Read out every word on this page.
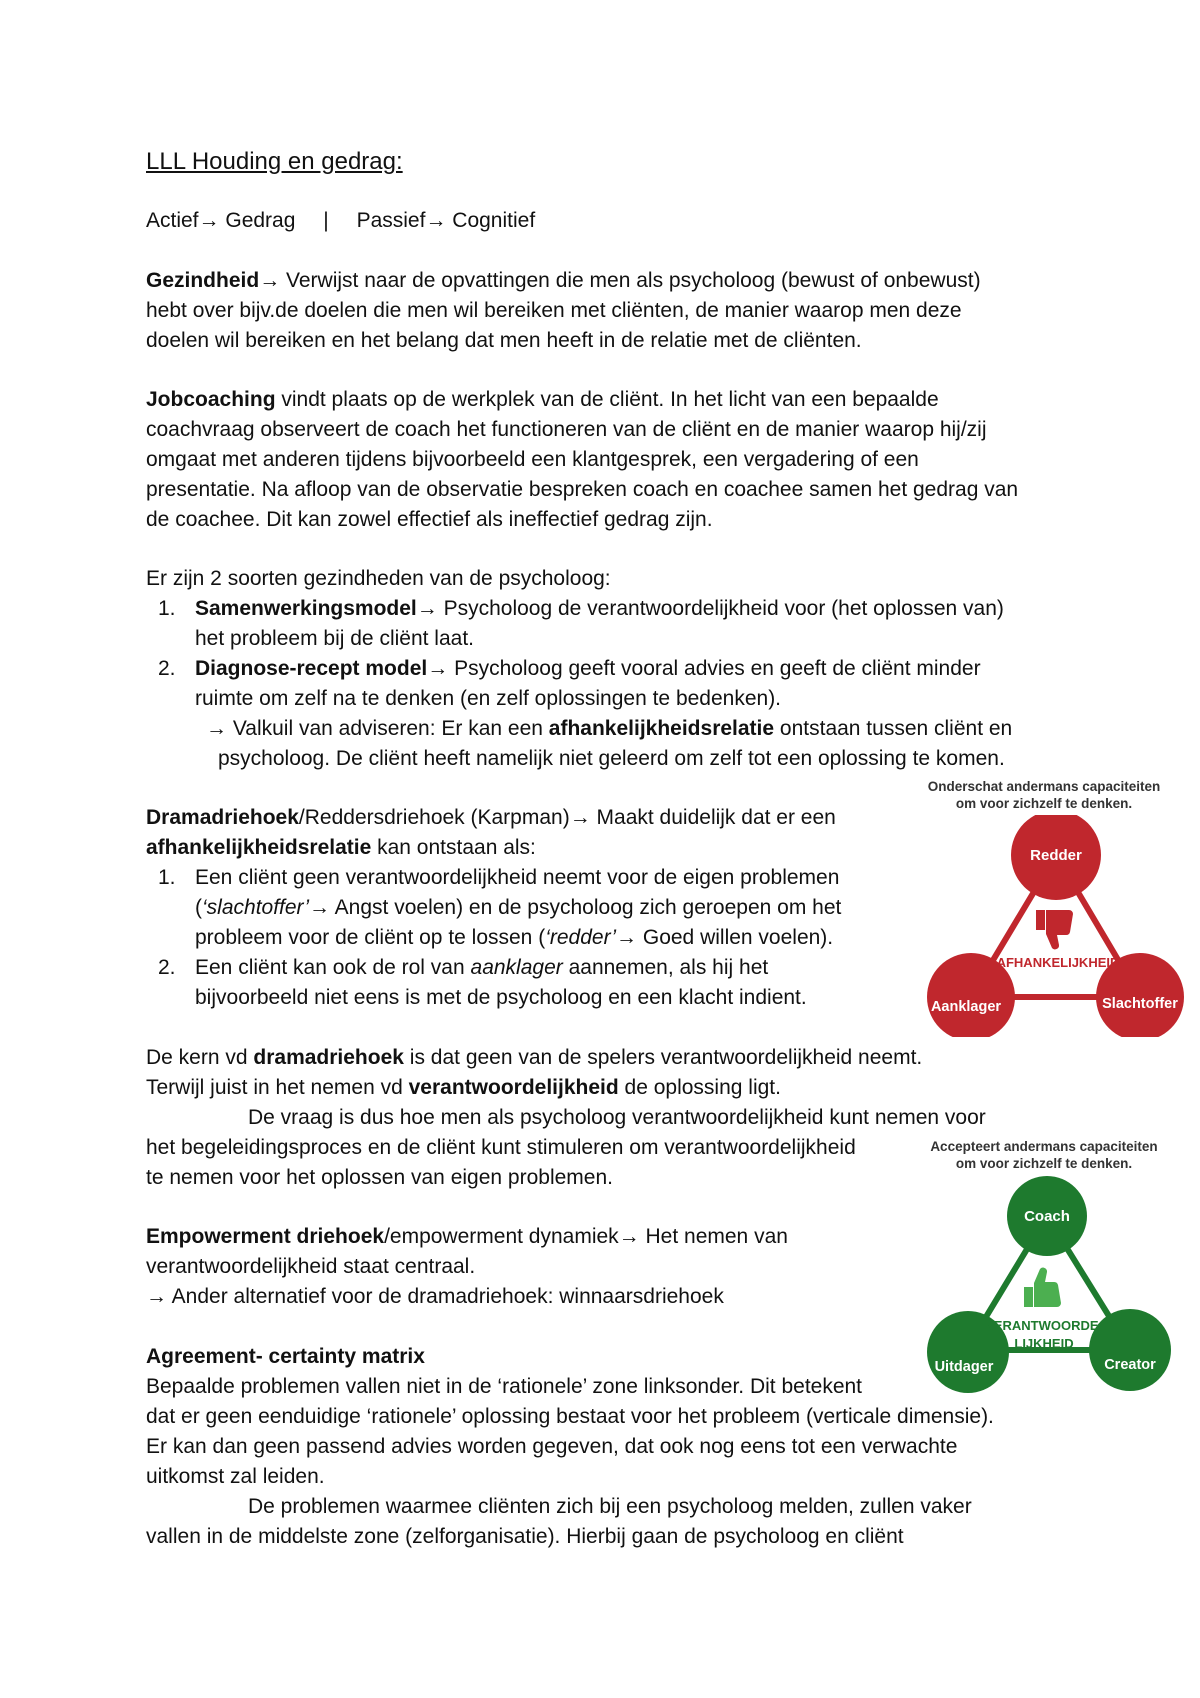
LLL Houding en gedrag:
Actief→ Gedrag | Passief→ Cognitief
Gezindheid→ Verwijst naar de opvattingen die men als psycholoog (bewust of onbewust)
hebt over bijv.de doelen die men wil bereiken met cliënten, de manier waarop men deze
doelen wil bereiken en het belang dat men heeft in de relatie met de cliënten.
Jobcoaching vindt plaats op de werkplek van de cliënt. In het licht van een bepaalde
coachvraag observeert de coach het functioneren van de cliënt en de manier waarop hij/zij
omgaat met anderen tijdens bijvoorbeeld een klantgesprek, een vergadering of een
presentatie. Na afloop van de observatie bespreken coach en coachee samen het gedrag van
de coachee. Dit kan zowel effectief als ineffectief gedrag zijn.
Er zijn 2 soorten gezindheden van de psycholoog:
1. Samenwerkingsmodel→ Psycholoog de verantwoordelijkheid voor (het oplossen van)
het probleem bij de cliënt laat.
2. Diagnose-recept model→ Psycholoog geeft vooral advies en geeft de cliënt minder
ruimte om zelf na te denken (en zelf oplossingen te bedenken).
→ Valkuil van adviseren: Er kan een afhankelijkheidsrelatie ontstaan tussen cliënt en
psycholoog. De cliënt heeft namelijk niet geleerd om zelf tot een oplossing te komen.
Dramadriehoek/Reddersdriehoek (Karpman)→ Maakt duidelijk dat er een
afhankelijkheidsrelatie kan ontstaan als:
1. Een cliënt geen verantwoordelijkheid neemt voor de eigen problemen
(‘slachtoffer’→ Angst voelen) en de psycholoog zich geroepen om het
probleem voor de cliënt op te lossen (‘redder’→ Goed willen voelen).
2. Een cliënt kan ook de rol van aanklager aannemen, als hij het
bijvoorbeeld niet eens is met de psycholoog en een klacht indient.
De kern vd dramadriehoek is dat geen van de spelers verantwoordelijkheid neemt.
Terwijl juist in het nemen vd verantwoordelijkheid de oplossing ligt.
De vraag is dus hoe men als psycholoog verantwoordelijkheid kunt nemen voor
het begeleidingsproces en de cliënt kunt stimuleren om verantwoordelijkheid
te nemen voor het oplossen van eigen problemen.
Empowerment driehoek/empowerment dynamiek→ Het nemen van
verantwoordelijkheid staat centraal.
→ Ander alternatief voor de dramadriehoek: winnaarsdriehoek
Agreement- certainty matrix
Bepaalde problemen vallen niet in de ‘rationele’ zone linksonder. Dit betekent
dat er geen eenduidige ‘rationele’ oplossing bestaat voor het probleem (verticale dimensie).
Er kan dan geen passend advies worden gegeven, dat ook nog eens tot een verwachte
uitkomst zal leiden.
De problemen waarmee cliënten zich bij een psycholoog melden, zullen vaker
vallen in de middelste zone (zelforganisatie). Hierbij gaan de psycholoog en cliënt
Onderschat andermans capaciteiten
om voor zichzelf te denken.
Redder
Aanklager	Slachtoffer
AFHANKELIJKHEID
Accepteert andermans capaciteiten
om voor zichzelf te denken.
Coach
Uitdager	Creator
VERANTWOORDE-
LIJKHEID
